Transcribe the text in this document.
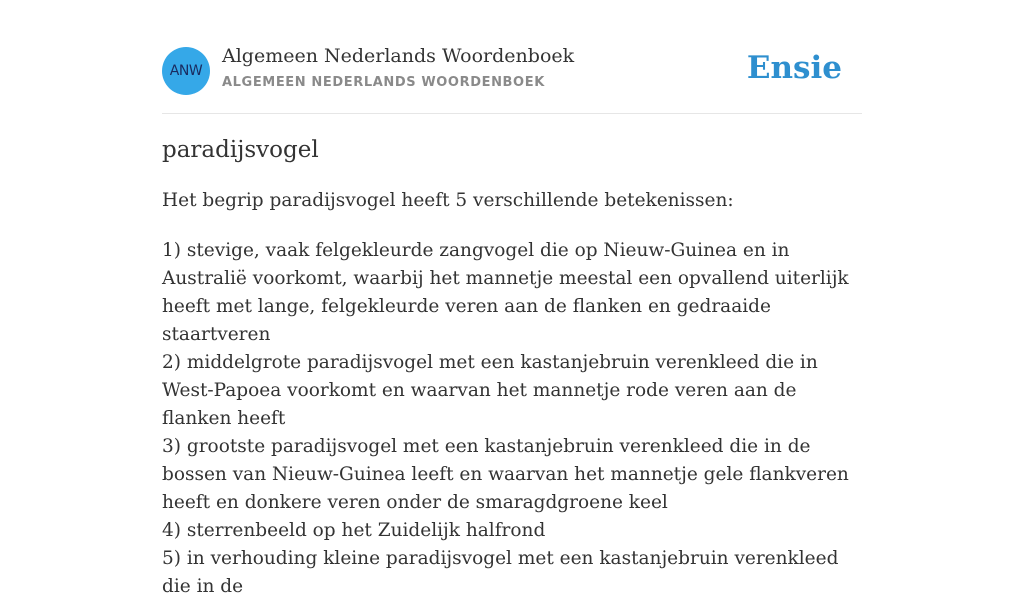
ANW
Algemeen Nederlands Woordenboek
ALGEMEEN NEDERLANDS WOORDENBOEK	Ensie
paradijsvogel

Het begrip paradijsvogel heeft 5 verschillende betekenissen:

1) stevige, vaak felgekleurde zangvogel die op Nieuw-Guinea en in Australië voorkomt, waarbij het mannetje meestal een opvallend uiterlijk heeft met lange, felgekleurde veren aan de flanken en gedraaide staartveren
2) middelgrote paradijsvogel met een kastanjebruin verenkleed die in West-Papoea voorkomt en waarvan het mannetje rode veren aan de flanken heeft
3) grootste paradijsvogel met een kastanjebruin verenkleed die in de bossen van Nieuw-Guinea leeft en waarvan het mannetje gele flankveren heeft en donkere veren onder de smaragdgroene keel
4) sterrenbeeld op het Zuidelijk halfrond
5) in verhouding kleine paradijsvogel met een kastanjebruin verenkleed die in de
